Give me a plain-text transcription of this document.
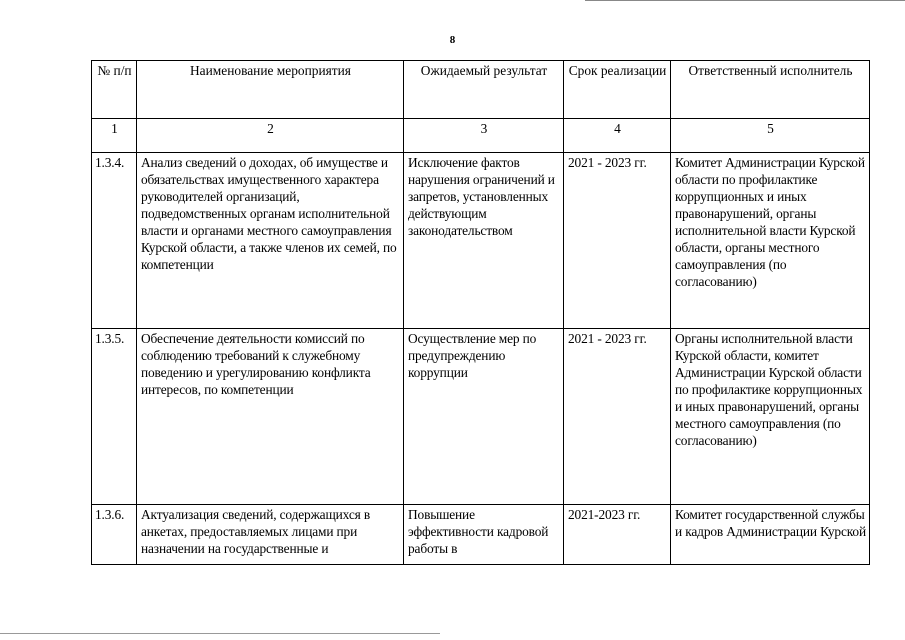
8
№ п/п	Наименование мероприятия	Ожидаемый результат	Срок реализации	Ответственный исполнитель
1	2	3	4	5
1.3.4.	Анализ сведений о доходах, об имуществе и обязательствах имущественного характера руководителей организаций, подведомственных органам исполнительной власти и органами местного самоуправления Курской области, а также членов их семей, по компетенции	Исключение фактов нарушения ограничений и запретов, установленных действующим законодательством	2021 - 2023 гг.	Комитет Администрации Курской области по профилактике коррупционных и иных правонарушений, органы исполнительной власти Курской области, органы местного самоуправления (по согласованию)
1.3.5.	Обеспечение деятельности комиссий по соблюдению требований к служебному поведению и урегулированию конфликта интересов, по компетенции	Осуществление мер по предупреждению коррупции	2021 - 2023 гг.	Органы исполнительной власти Курской области, комитет Администрации Курской области по профилактике коррупционных и иных правонарушений, органы местного самоуправления (по согласованию)
1.3.6.	Актуализация сведений, содержащихся в анкетах, предоставляемых лицами при назначении на государственные и	Повышение эффективности кадровой работы в	2021-2023 гг.	Комитет государственной службы и кадров Администрации Курской
